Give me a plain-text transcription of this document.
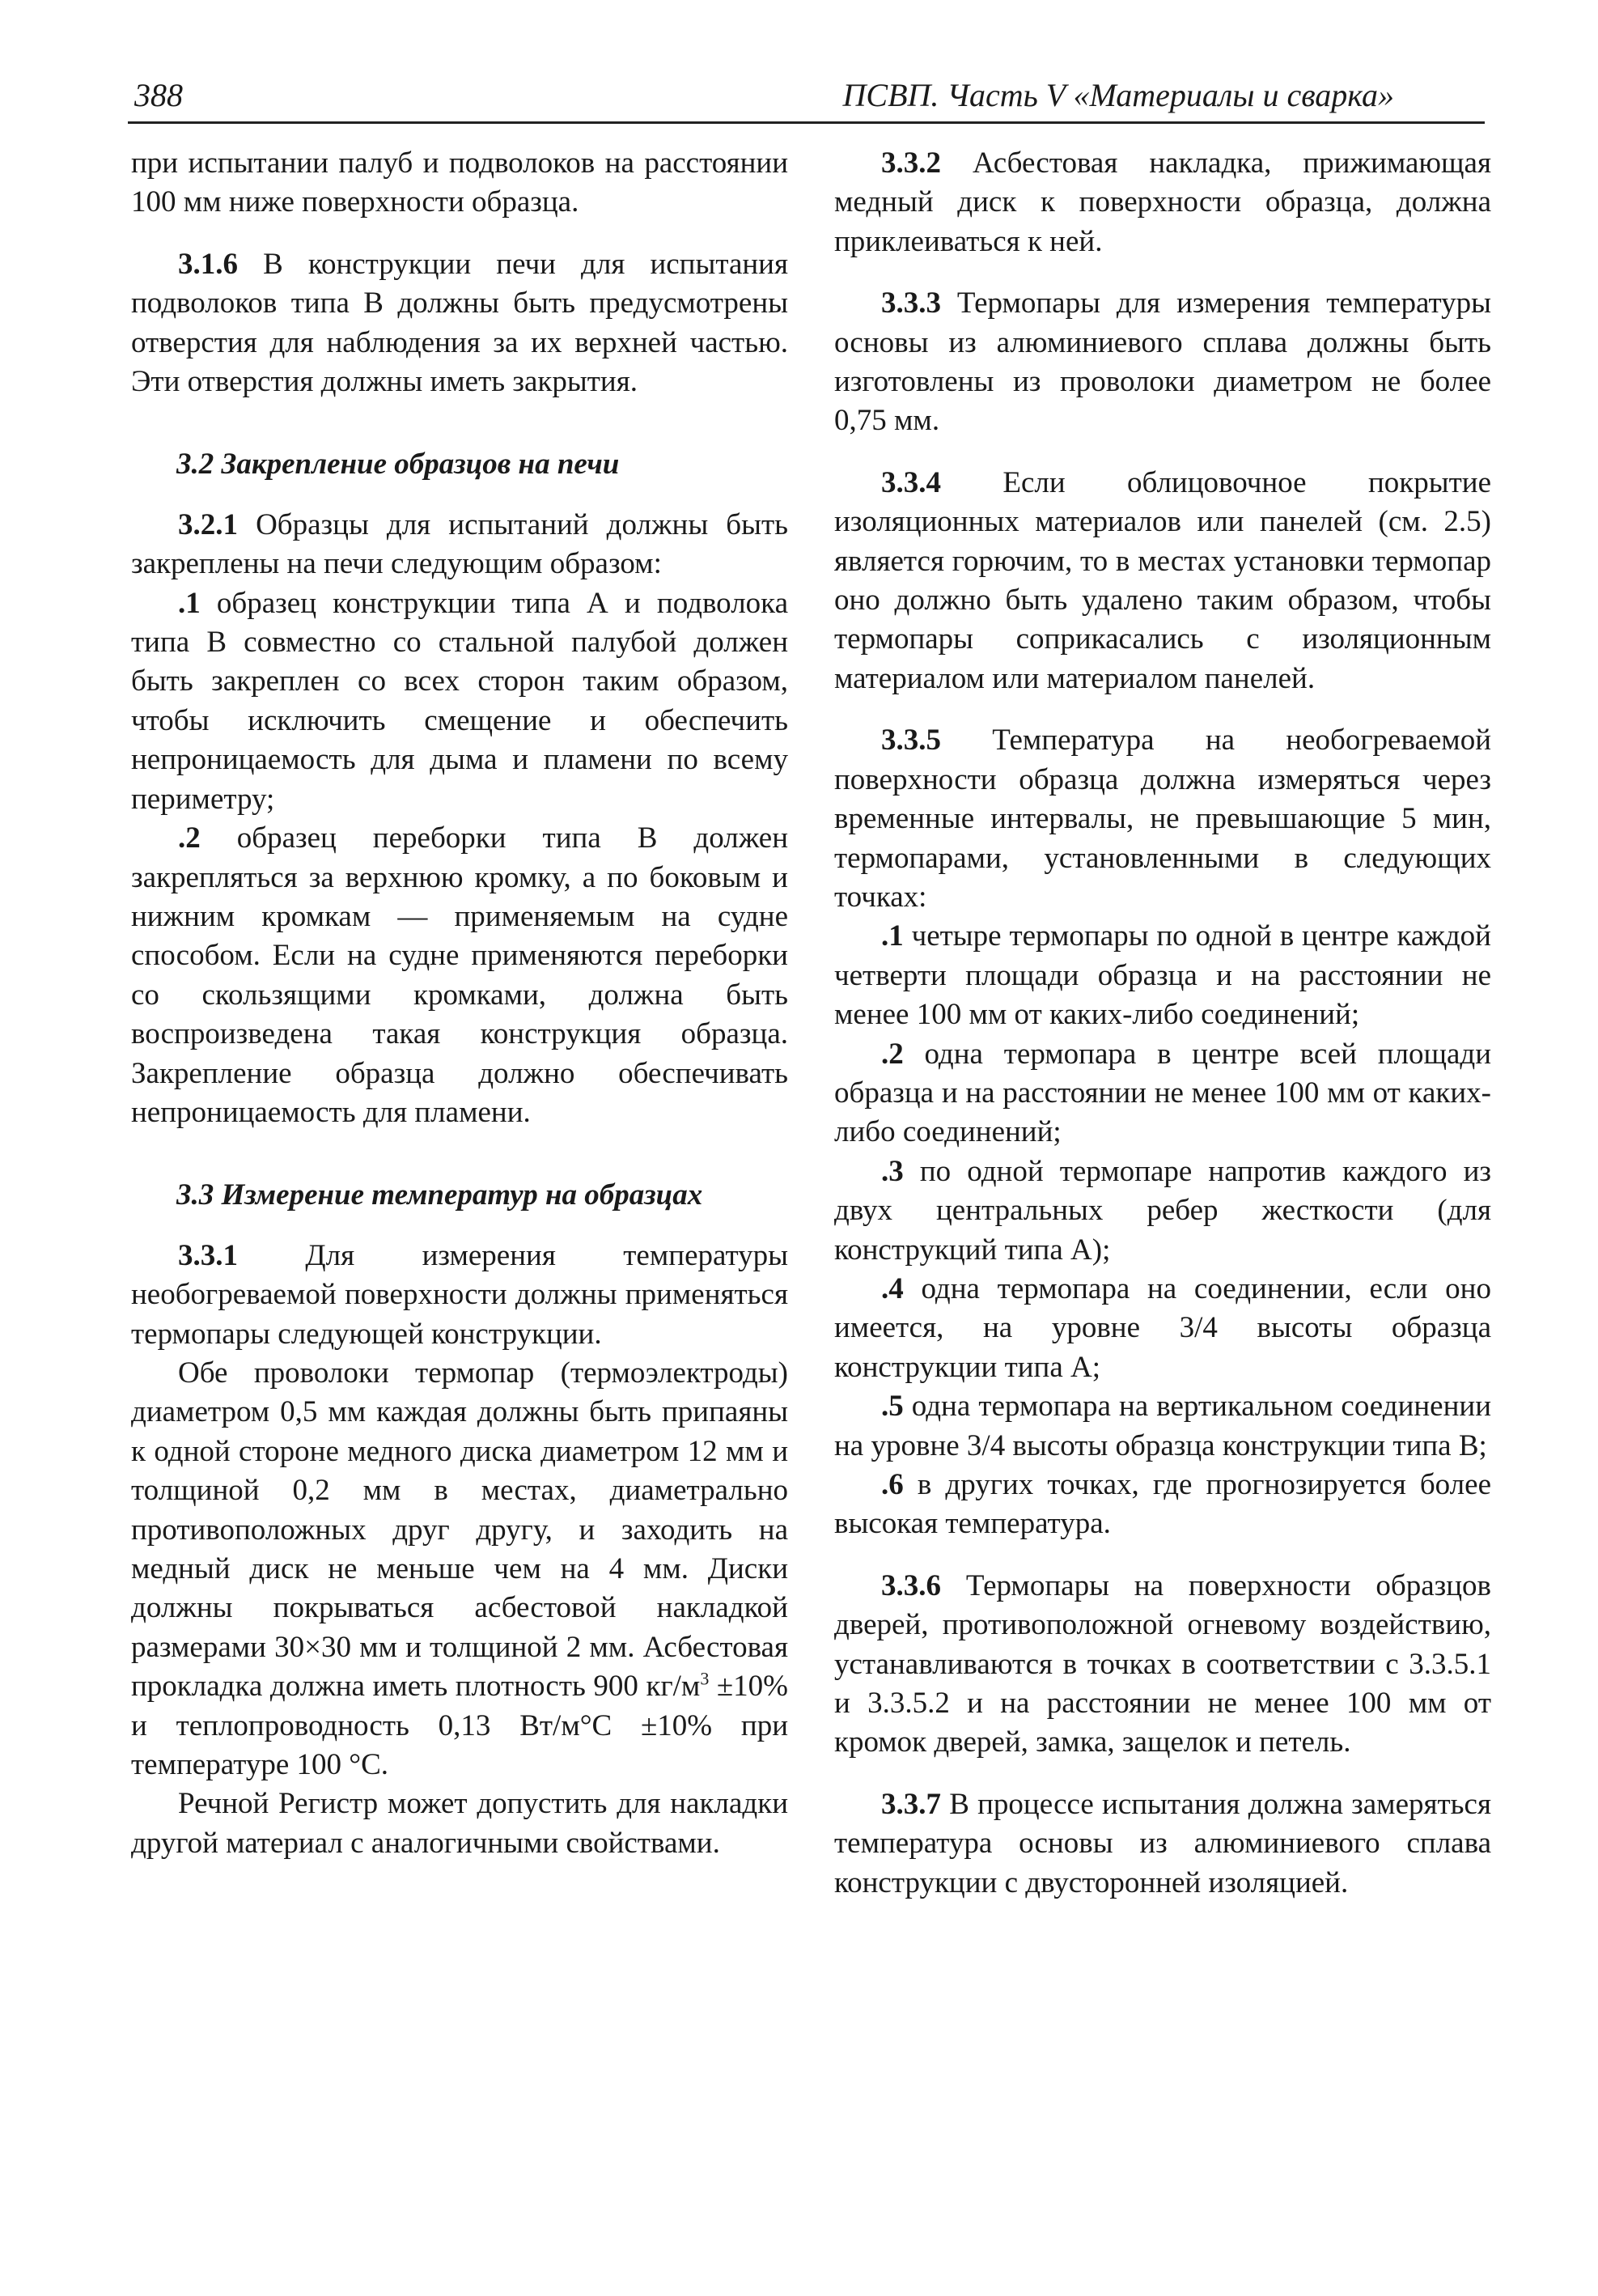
388	ПСВП. Часть V «Материалы и сварка»

при испытании палуб и подволоков на расстоянии 100 мм ниже поверхности образца.

3.1.6 В конструкции печи для испытания подволоков типа В должны быть предусмотрены отверстия для наблюдения за их верхней частью. Эти отверстия должны иметь закрытия.

3.2 Закрепление образцов на печи

3.2.1 Образцы для испытаний должны быть закреплены на печи следующим образом:

.1 образец конструкции типа А и подволока типа В совместно со стальной палубой должен быть закреплен со всех сторон таким образом, чтобы исключить смещение и обеспечить непроницаемость для дыма и пламени по всему периметру;

.2 образец переборки типа В должен закрепляться за верхнюю кромку, а по боковым и нижним кромкам — применяемым на судне способом. Если на судне применяются переборки со скользящими кромками, должна быть воспроизведена такая конструкция образца. Закрепление образца должно обеспечивать непроницаемость для пламени.

3.3 Измерение температур на образцах

3.3.1 Для измерения температуры необогреваемой поверхности должны применяться термопары следующей конструкции.

Обе проволоки термопар (термоэлектроды) диаметром 0,5 мм каждая должны быть припаяны к одной стороне медного диска диаметром 12 мм и толщиной 0,2 мм в местах, диаметрально противоположных друг другу, и заходить на медный диск не меньше чем на 4 мм. Диски должны покрываться асбестовой накладкой размерами 30×30 мм и толщиной 2 мм. Асбестовая прокладка должна иметь плотность 900 $кг/м^3 \pm 10\%$ и теплопроводность 0,13 Вт/м°С ±10% при температуре 100 °С.

Речной Регистр может допустить для накладки другой материал с аналогичными свойствами.

3.3.2 Асбестовая накладка, прижимающая медный диск к поверхности образца, должна приклеиваться к ней.

3.3.3 Термопары для измерения температуры основы из алюминиевого сплава должны быть изготовлены из проволоки диаметром не более 0,75 мм.

3.3.4 Если облицовочное покрытие изоляционных материалов или панелей (см. 2.5) является горючим, то в местах установки термопар оно должно быть удалено таким образом, чтобы термопары соприкасались с изоляционным материалом или материалом панелей.

3.3.5 Температура на необогреваемой поверхности образца должна измеряться через временные интервалы, не превышающие 5 мин, термопарами, установленными в следующих точках:

.1 четыре термопары по одной в центре каждой четверти площади образца и на расстоянии не менее 100 мм от каких-либо соединений;

.2 одна термопара в центре всей площади образца и на расстоянии не менее 100 мм от каких-либо соединений;

.3 по одной термопаре напротив каждого из двух центральных ребер жесткости (для конструкций типа А);

.4 одна термопара на соединении, если оно имеется, на уровне 3/4 высоты образца конструкции типа А;

.5 одна термопара на вертикальном соединении на уровне 3/4 высоты образца конструкции типа В;

.6 в других точках, где прогнозируется более высокая температура.

3.3.6 Термопары на поверхности образцов дверей, противоположной огневому воздействию, устанавливаются в точках в соответствии с 3.3.5.1 и 3.3.5.2 и на расстоянии не менее 100 мм от кромок дверей, замка, защелок и петель.

3.3.7 В процессе испытания должна замеряться температура основы из алюминиевого сплава конструкции с двусторонней изоляцией.
